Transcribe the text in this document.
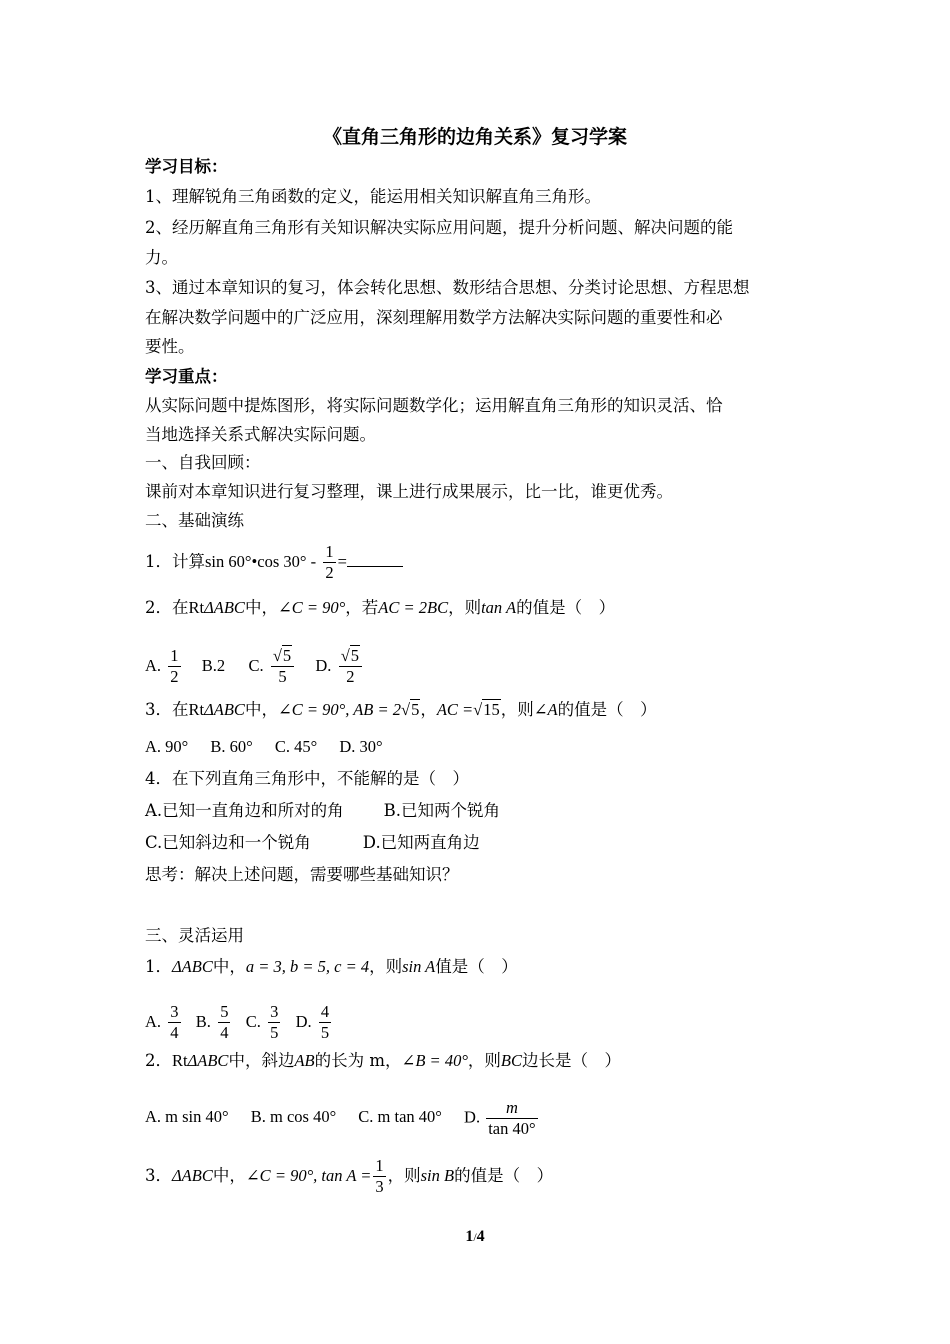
《直角三角形的边角关系》复习学案
学习目标：
1、理解锐角三角函数的定义，能运用相关知识解直角三角形。
2、经历解直角三角形有关知识解决实际应用问题，提升分析问题、解决问题的能
力。
3、通过本章知识的复习，体会转化思想、数形结合思想、分类讨论思想、方程思想
在解决数学问题中的广泛应用，深刻理解用数学方法解决实际问题的重要性和必
要性。
学习重点：
从实际问题中提炼图形，将实际问题数学化；运用解直角三角形的知识灵活、恰
当地选择关系式解决实际问题。
一、自我回顾：
课前对本章知识进行复习整理，课上进行成果展示，比一比，谁更优秀。
二、基础演练
1．计算sin 60°•cos $30^\circ - \frac{1}{2}$ =
2．在RtΔABC中，∠C = 90°，若AC = 2BC，则tan A的值是（　）
A. $\frac{1}{2} B.2$ C. $\frac{√5}{5} D$. $\frac{√5}{2}$
3．在RtΔABC中，∠C = 90°, AB = 2√5，AC =√15，则∠A的值是（　）
A. 90° B. 60° C. 45° D. 30°
4．在下列直角三角形中，不能解的是（　）
A.已知一直角边和所对的角 B.已知两个锐角
C.已知斜边和一个锐角	D.已知两直角边
思考：解决上述问题，需要哪些基础知识？
三、灵活运用
1．ΔABC中，a = 3, b = 5, c = 4，则sin A值是（　）
A. $\frac{3}{4} B$. $\frac{5}{4} C$. $\frac{3}{5} D$. $\frac{4}{5}$
2．RtΔABC中，斜边AB的长为 m，∠B = 40°，则BC边长是（　）
A. m sin 40° B. m cos 40° C. m tan 40° D. $\frac{m}{\tan 40^\circ}$
3．ΔABC中，∠C = 90°, $\tan A = \frac{1}{3}$ ，则sin B的值是（　）
1/4
